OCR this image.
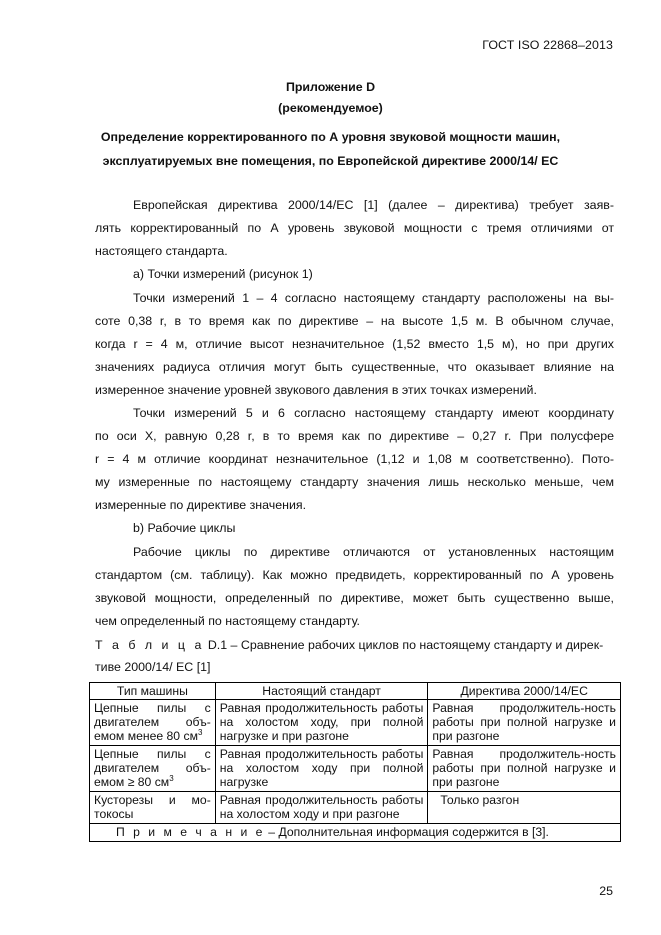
ГОСТ ISO 22868–2013
Приложение D
(рекомендуемое)
Определение корректированного по А уровня звуковой мощности машин,
эксплуатируемых вне помещения, по Европейской директиве 2000/14/ ЕС
Европейская директива 2000/14/ЕС [1] (далее – директива) требует заяв-
лять корректированный по А уровень звуковой мощности с тремя отличиями от
настоящего стандарта.
а) Точки измерений (рисунок 1)
Точки измерений 1 – 4 согласно настоящему стандарту расположены на вы-
соте 0,38 r, в то время как по директиве – на высоте 1,5 м. В обычном случае,
когда r = 4 м, отличие высот незначительное (1,52 вместо 1,5 м), но при других
значениях радиуса отличия могут быть существенные, что оказывает влияние на
измеренное значение уровней звукового давления в этих точках измерений.
Точки измерений 5 и 6 согласно настоящему стандарту имеют координату
по оси X, равную 0,28 r, в то время как по директиве – 0,27 r. При полусфере
r = 4 м отличие координат незначительное (1,12 и 1,08 м соответственно). Пото-
му измеренные по настоящему стандарту значения лишь несколько меньше, чем
измеренные по директиве значения.
b) Рабочие циклы
Рабочие циклы по директиве отличаются от установленных настоящим
стандартом (см. таблицу). Как можно предвидеть, корректированный по А уровень
звуковой мощности, определенный по директиве, может быть существенно выше,
чем определенный по настоящему стандарту.
Т а б л и ц а D.1 – Сравнение рабочих циклов по настоящему стандарту и дирек-
тиве 2000/14/ ЕС [1]
Тип машины	Настоящий стандарт	Директива 2000/14/ЕС
Цепные пилы с двигателем объ-емом менее 80 $см^3$	Равная продолжительность работы на холостом ходу, при полной нагрузке и при разгоне	Равная продолжитель-ность работы при полной нагрузке и при разгоне
Цепные пилы с двигателем объ-емом ≥ 80 $см^3$	Равная продолжительность работы на холостом ходу при полной нагрузке	Равная продолжитель-ность работы при полной нагрузке и при разгоне
Кусторезы и мо-токосы	Равная продолжительность работы на холостом ходу и при разгоне	Только разгон
П р и м е ч а н и е – Дополнительная информация содержится в [3].		
25
